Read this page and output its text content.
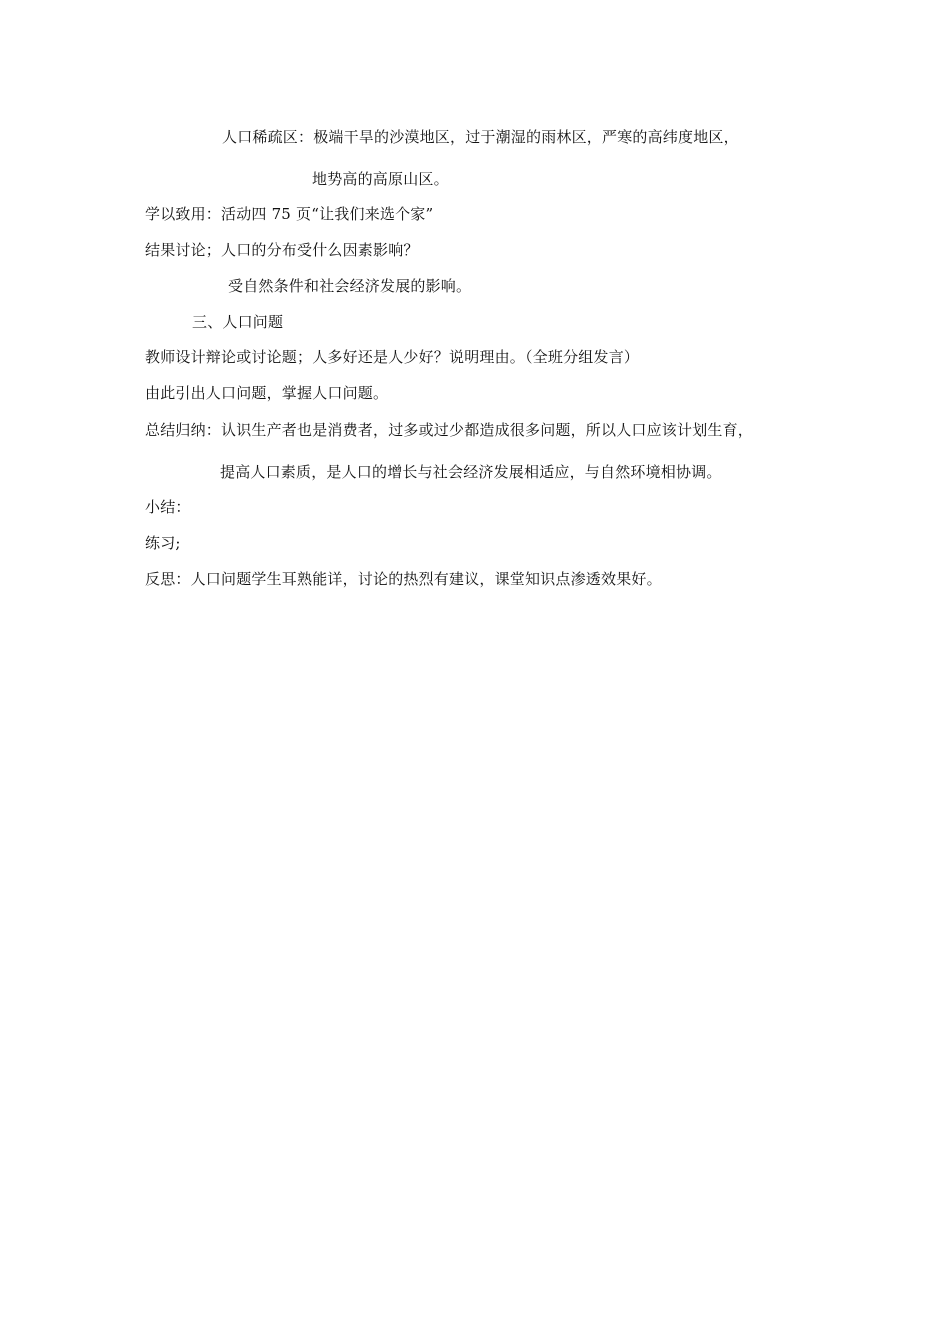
人口稀疏区：极端干旱的沙漠地区，过于潮湿的雨林区，严寒的高纬度地区，
地势高的高原山区。
学以致用：活动四 75 页“让我们来选个家”
结果讨论；人口的分布受什么因素影响？
受自然条件和社会经济发展的影响。
三、人口问题
教师设计辩论或讨论题；人多好还是人少好？说明理由。（全班分组发言）
由此引出人口问题，掌握人口问题。
总结归纳：认识生产者也是消费者，过多或过少都造成很多问题，所以人口应该计划生育，
提高人口素质，是人口的增长与社会经济发展相适应，与自然环境相协调。
小结：
练习;
反思：人口问题学生耳熟能详，讨论的热烈有建议，课堂知识点渗透效果好。
